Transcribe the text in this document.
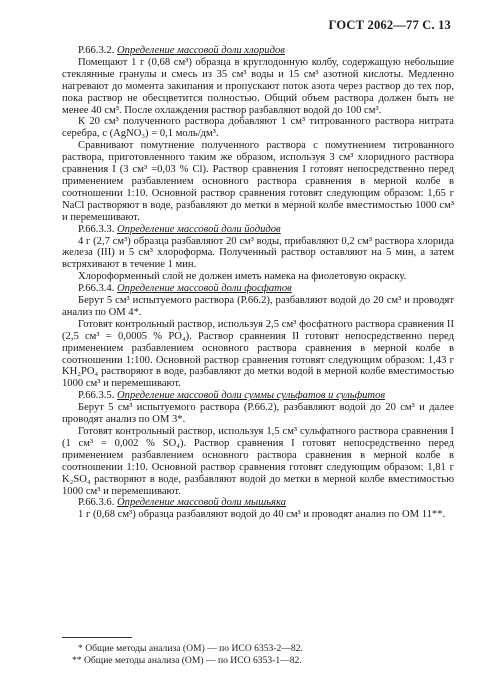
ГОСТ 2062—77 С. 13

Р.66.3.2. Определение массовой доли хлоридов

Помещают 1 г (0,68 см³) образца в круглодонную колбу, содержащую небольшие стеклянные гранулы и смесь из 35 см³ воды и 15 см³ азотной кислоты. Медленно нагревают до момента закипания и пропускают поток азота через раствор до тех пор, пока раствор не обесцветится полностью. Общий объем раствора должен быть не менее 40 см³. После охлаждения раствор разбавляют водой до 100 см³.

К 20 см³ полученного раствора добавляют 1 см³ титрованного раствора нитрата серебра, c (AgNO₃) = 0,1 моль/дм³.

Сравнивают помутнение полученного раствора с помутнением титрованного раствора, приготовленного таким же образом, используя 3 см³ хлоридного раствора сравнения I (3 см³ =0,03 % Cl). Раствор сравнения I готовят непосредственно перед применением разбавлением основного раствора сравнения в мерной колбе в соотношении 1:10. Основной раствор сравнения готовят следующим образом: 1,65 г NaCl растворяют в воде, разбавляют до метки в мерной колбе вместимостью 1000 см³ и перемешивают.

Р.66.3.3. Определение массовой доли йодидов

4 г (2,7 см³) образца разбавляют 20 см³ воды, прибавляют 0,2 см³ раствора хлорида железа (III) и 5 см³ хлороформа. Полученный раствор оставляют на 5 мин, а затем встряхивают в течение 1 мин.

Хлороформенный слой не должен иметь намека на фиолетовую окраску.

Р.66.3.4. Определение массовой доли фосфатов

Берут 5 см³ испытуемого раствора (Р.66.2), разбавляют водой до 20 см³ и проводят анализ по ОМ 4*.

Готовят контрольный раствор, используя 2,5 см³ фосфатного раствора сравнения II (2,5 см³ = 0,0005 % PO₄). Раствор сравнения II готовят непосредственно перед применением разбавлением основного раствора сравнения в мерной колбе в соотношении 1:100. Основной раствор сравнения готовят следующим образом: 1,43 г KH₂PO₄ растворяют в воде, разбавляют до метки водой в мерной колбе вместимостью 1000 см³ и перемешивают.

Р.66.3.5. Определение массовой доли суммы сульфатов и сульфитов

Берут 5 см³ испытуемого раствора (Р.66.2), разбавляют водой до 20 см³ и далее проводят анализ по ОМ 3*.

Готовят контрольный раствор, используя 1,5 см³ сульфатного раствора сравнения I (1 см³ = 0,002 % SO₄). Раствор сравнения I готовят непосредственно перед применением разбавлением основного раствора сравнения в мерной колбе в соотношении 1:10. Основной раствор сравнения готовят следующим образом: 1,81 г K₂SO₄ растворяют в воде, разбавляют водой до метки в мерной колбе вместимостью 1000 см³ и перемешивают.

Р.66.3.6. Определение массовой доли мышьяка

1 г (0,68 см³) образца разбавляют водой до 40 см³ и проводят анализ по ОМ 11**.

* Общие методы анализа (ОМ) — по ИСО 6353-2—82.
** Общие методы анализа (ОМ) — по ИСО 6353-1—82.
